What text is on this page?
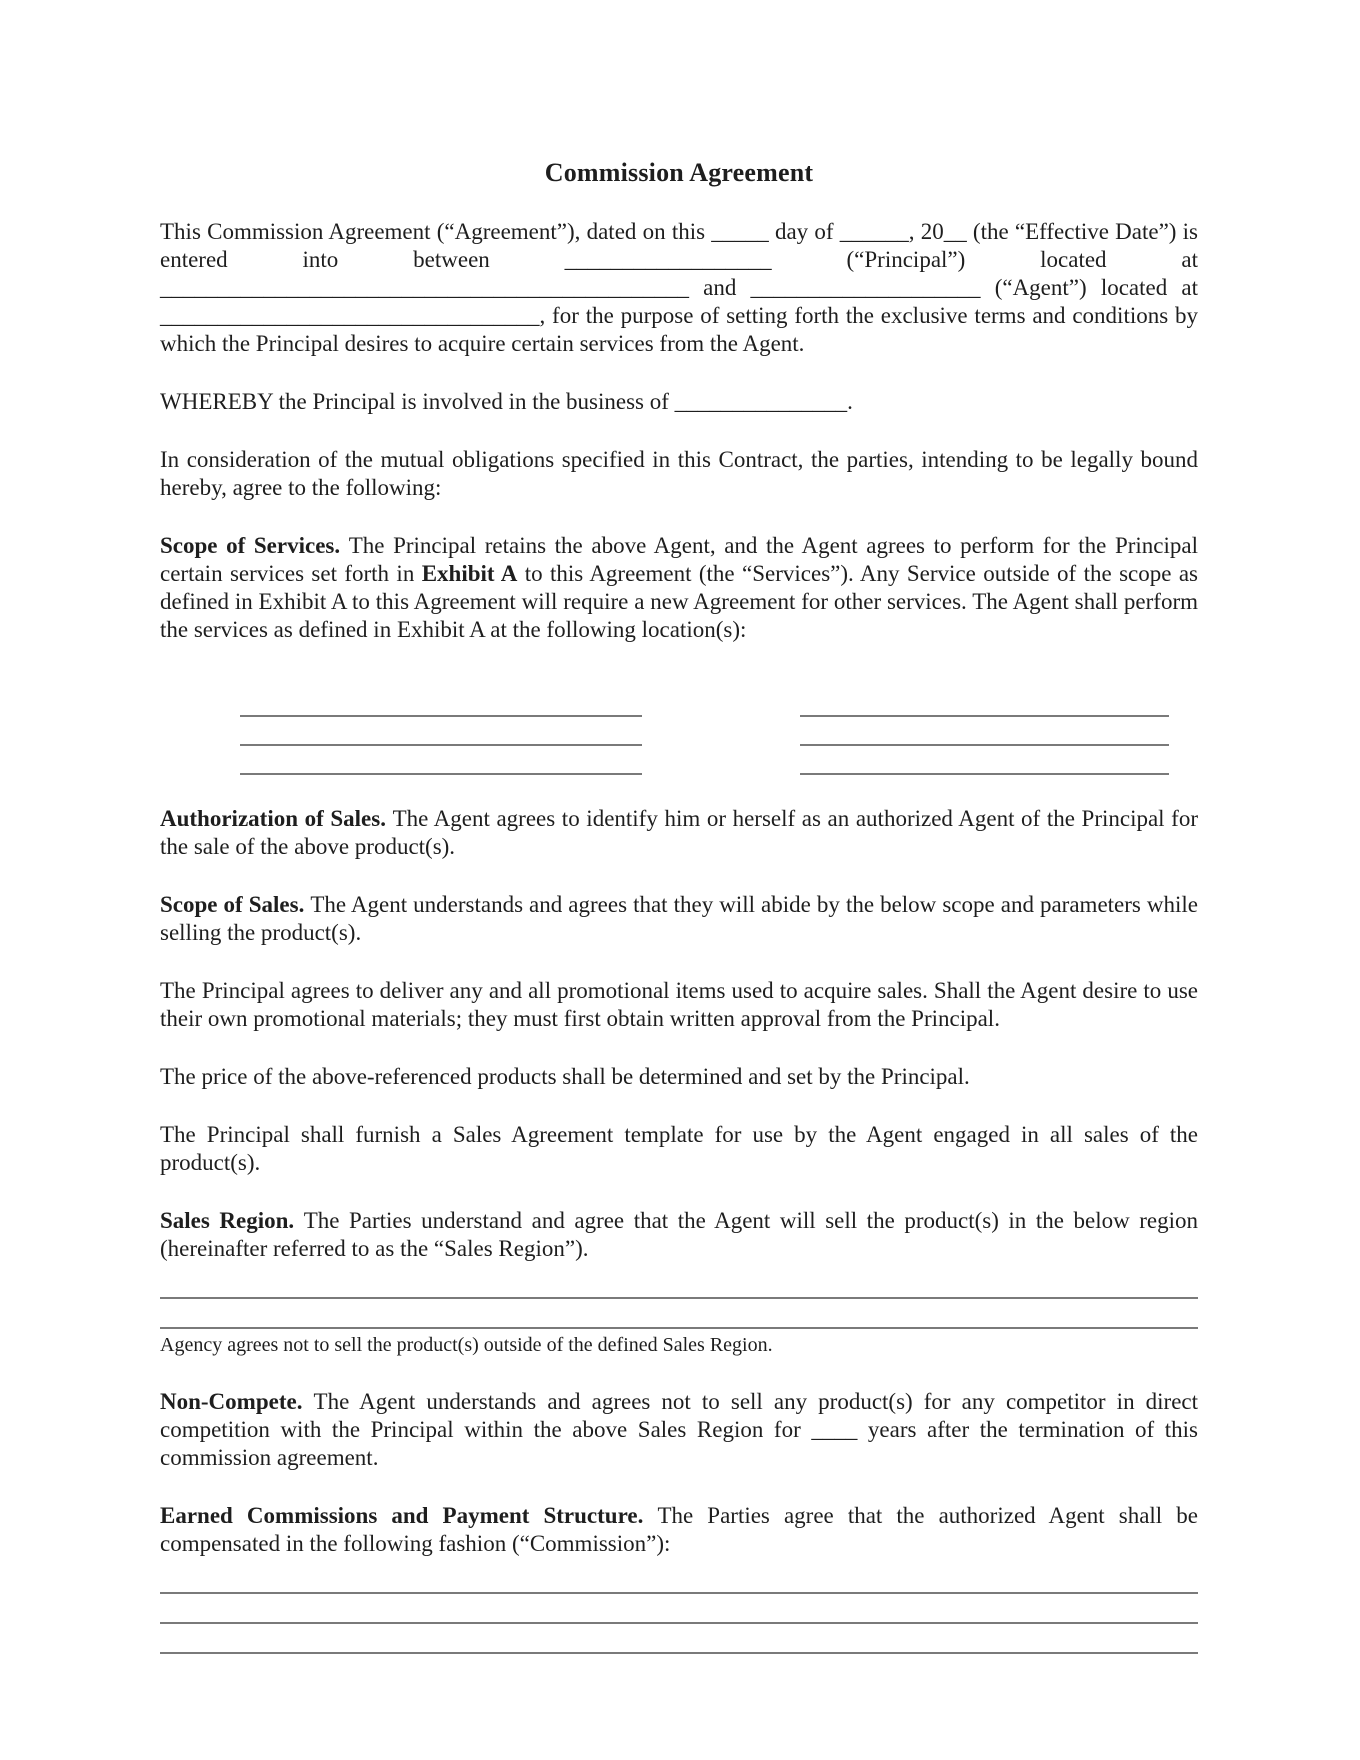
Commission Agreement

This Commission Agreement (“Agreement”), dated on this _____ day of ______, 20__ (the “Effective Date”) is entered into between __________________ (“Principal”) located at ______________________________________________ and ____________________ (“Agent”) located at _________________________________, for the purpose of setting forth the exclusive terms and conditions by which the Principal desires to acquire certain services from the Agent.

WHEREBY the Principal is involved in the business of _______________.

In consideration of the mutual obligations specified in this Contract, the parties, intending to be legally bound hereby, agree to the following:

Scope of Services. The Principal retains the above Agent, and the Agent agrees to perform for the Principal certain services set forth in Exhibit A to this Agreement (the “Services”). Any Service outside of the scope as defined in Exhibit A to this Agreement will require a new Agreement for other services. The Agent shall perform the services as defined in Exhibit A at the following location(s):

Authorization of Sales. The Agent agrees to identify him or herself as an authorized Agent of the Principal for the sale of the above product(s).

Scope of Sales. The Agent understands and agrees that they will abide by the below scope and parameters while selling the product(s).

The Principal agrees to deliver any and all promotional items used to acquire sales. Shall the Agent desire to use their own promotional materials; they must first obtain written approval from the Principal.

The price of the above-referenced products shall be determined and set by the Principal.

The Principal shall furnish a Sales Agreement template for use by the Agent engaged in all sales of the product(s).

Sales Region. The Parties understand and agree that the Agent will sell the product(s) in the below region (hereinafter referred to as the “Sales Region”).

Agency agrees not to sell the product(s) outside of the defined Sales Region.

Non-Compete. The Agent understands and agrees not to sell any product(s) for any competitor in direct competition with the Principal within the above Sales Region for ____ years after the termination of this commission agreement.

Earned Commissions and Payment Structure. The Parties agree that the authorized Agent shall be compensated in the following fashion (“Commission”):
